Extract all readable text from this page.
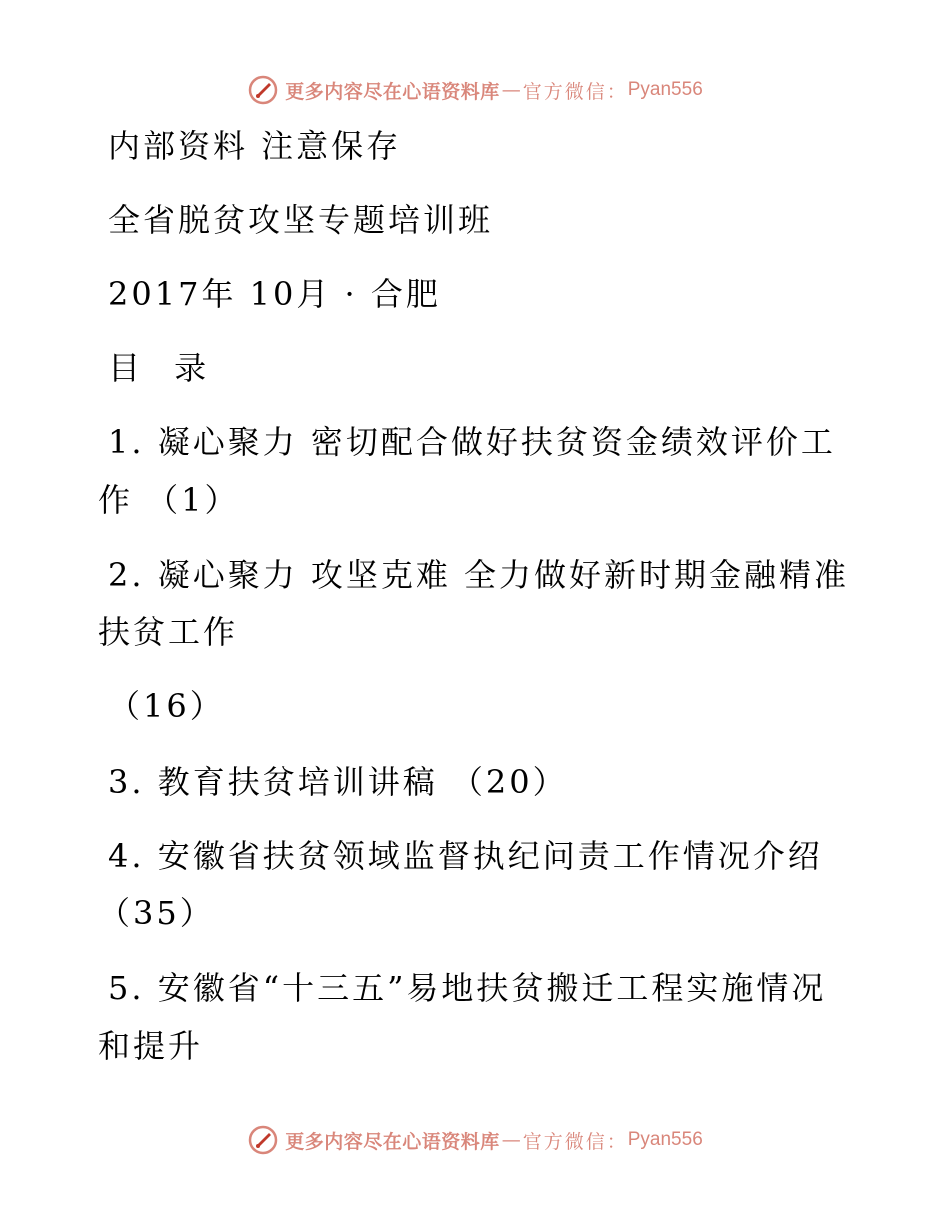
更多内容尽在心语资料库 — 官方微信： Pyan556
内部资料 注意保存
全省脱贫攻坚专题培训班
2017年 10月 · 合肥
目 录
1. 凝心聚力 密切配合做好扶贫资金绩效评价工
作 （1）
2. 凝心聚力 攻坚克难 全力做好新时期金融精准
扶贫工作
（16）
3. 教育扶贫培训讲稿 （20）
4. 安徽省扶贫领域监督执纪问责工作情况介绍
（35）
5. 安徽省“十三五”易地扶贫搬迁工程实施情况
和提升
更多内容尽在心语资料库 — 官方微信： Pyan556
